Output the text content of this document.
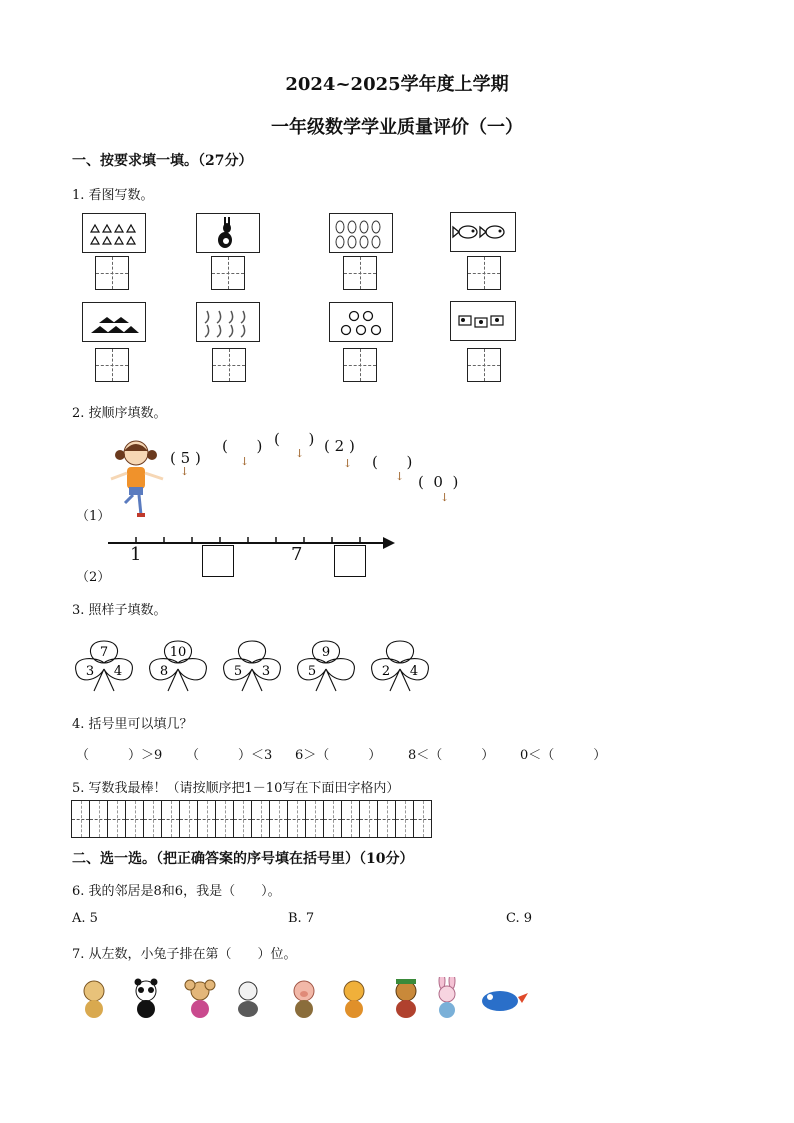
2024~2025学年度上学期
一年级数学学业质量评价（一）
一、按要求填一填。（27分）
1. 看图写数。
2. 按顺序填数。
( 5 )
↓
(      )
↓
(      )
↓ ( 2 )
↓ (      )
↓ (  0  )
↓
（1）
1	7
（2）
3. 照样子填数。
7
3 4
10
8	5 3
9
5	2 4
4. 括号里可以填几？
（　　　）＞9 （　　　）＜3 6＞（　　　） 8＜（　　　） 0＜（　　　）
5. 写数我最棒！（请按顺序把1－10写在下面田字格内）
二、选一选。（把正确答案的序号填在括号里）（10分）
6. 我的邻居是8和6，我是（　　）。
A. 5	B. 7	C. 9
7. 从左数，小兔子排在第（　　）位。
